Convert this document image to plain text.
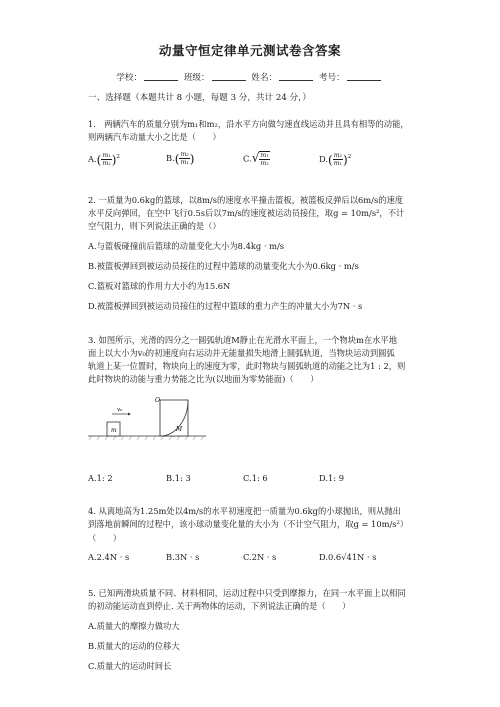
动量守恒定律单元测试卷含答案
学校：	班级：	姓名：	考号：
一、选择题（本题共计 8 小题，每题 3 分，共计 24 分，）
1.　两辆汽车的质量分别为m₁和m₂，沿水平方向做匀速直线运动并且具有相等的动能，
则两辆汽车动量大小之比是（　　）
$A.( \frac{\text{m₁}}{\text{m₂}} )^2$	$B.( \frac{\text{m₂}}{\text{m₁}}$ )	$C.√ \frac{\text{m₁}}{\text{m₂}}$	$D.( \frac{\text{m₂}}{\text{m₁}} )^2$
2. 一质量为0.6kg的篮球，以8m/s的速度水平撞击篮板，被篮板反弹后以6m/s的速度
水平反向弹回，在空中飞行0.5s后以7m/s的速度被运动员接住，取g = 10m/s²，不计
空气阻力，则下列说法正确的是（）
A.与篮板碰撞前后篮球的动量变化大小为8.4kg · m/s
B.被篮板弹回到被运动员接住的过程中篮球的动量变化大小为0.6kg · m/s
C.篮板对篮球的作用力大小约为15.6N
D.被篮板弹回到被运动员接住的过程中篮球的重力产生的冲量大小为7N · s
3. 如图所示，光滑的四分之一圆弧轨道M静止在光滑水平面上，一个物块m在水平地
面上以大小为v₀的初速度向右运动并无能量损失地滑上圆弧轨道，当物块运动到圆弧
轨道上某一位置时，物块向上的速度为零，此时物块与圆弧轨道的动能之比为1 : 2，则
此时物块的动能与重力势能之比为(以地面为零势能面)（　　）
m
v₀
O
M
A.1: 2	B.1: 3	C.1: 6	D.1: 9
4. 从离地高为1.25m处以4m/s的水平初速度把一质量为0.6kg的小球抛出，则从抛出
到落地前瞬间的过程中，该小球动量变化量的大小为（不计空气阻力，取g = 10m/s²）
（　　）
A.2.4N · s	B.3N · s	C.2N · s	D.0.6√41N · s
5. 已知两滑块质量不同、材料相同，运动过程中只受到摩擦力，在同一水平面上以相同
的初动能运动直到停止. 关于两物体的运动，下列说法正确的是（　　）
A.质量大的摩擦力做功大
B.质量大的运动的位移大
C.质量大的运动时间长
